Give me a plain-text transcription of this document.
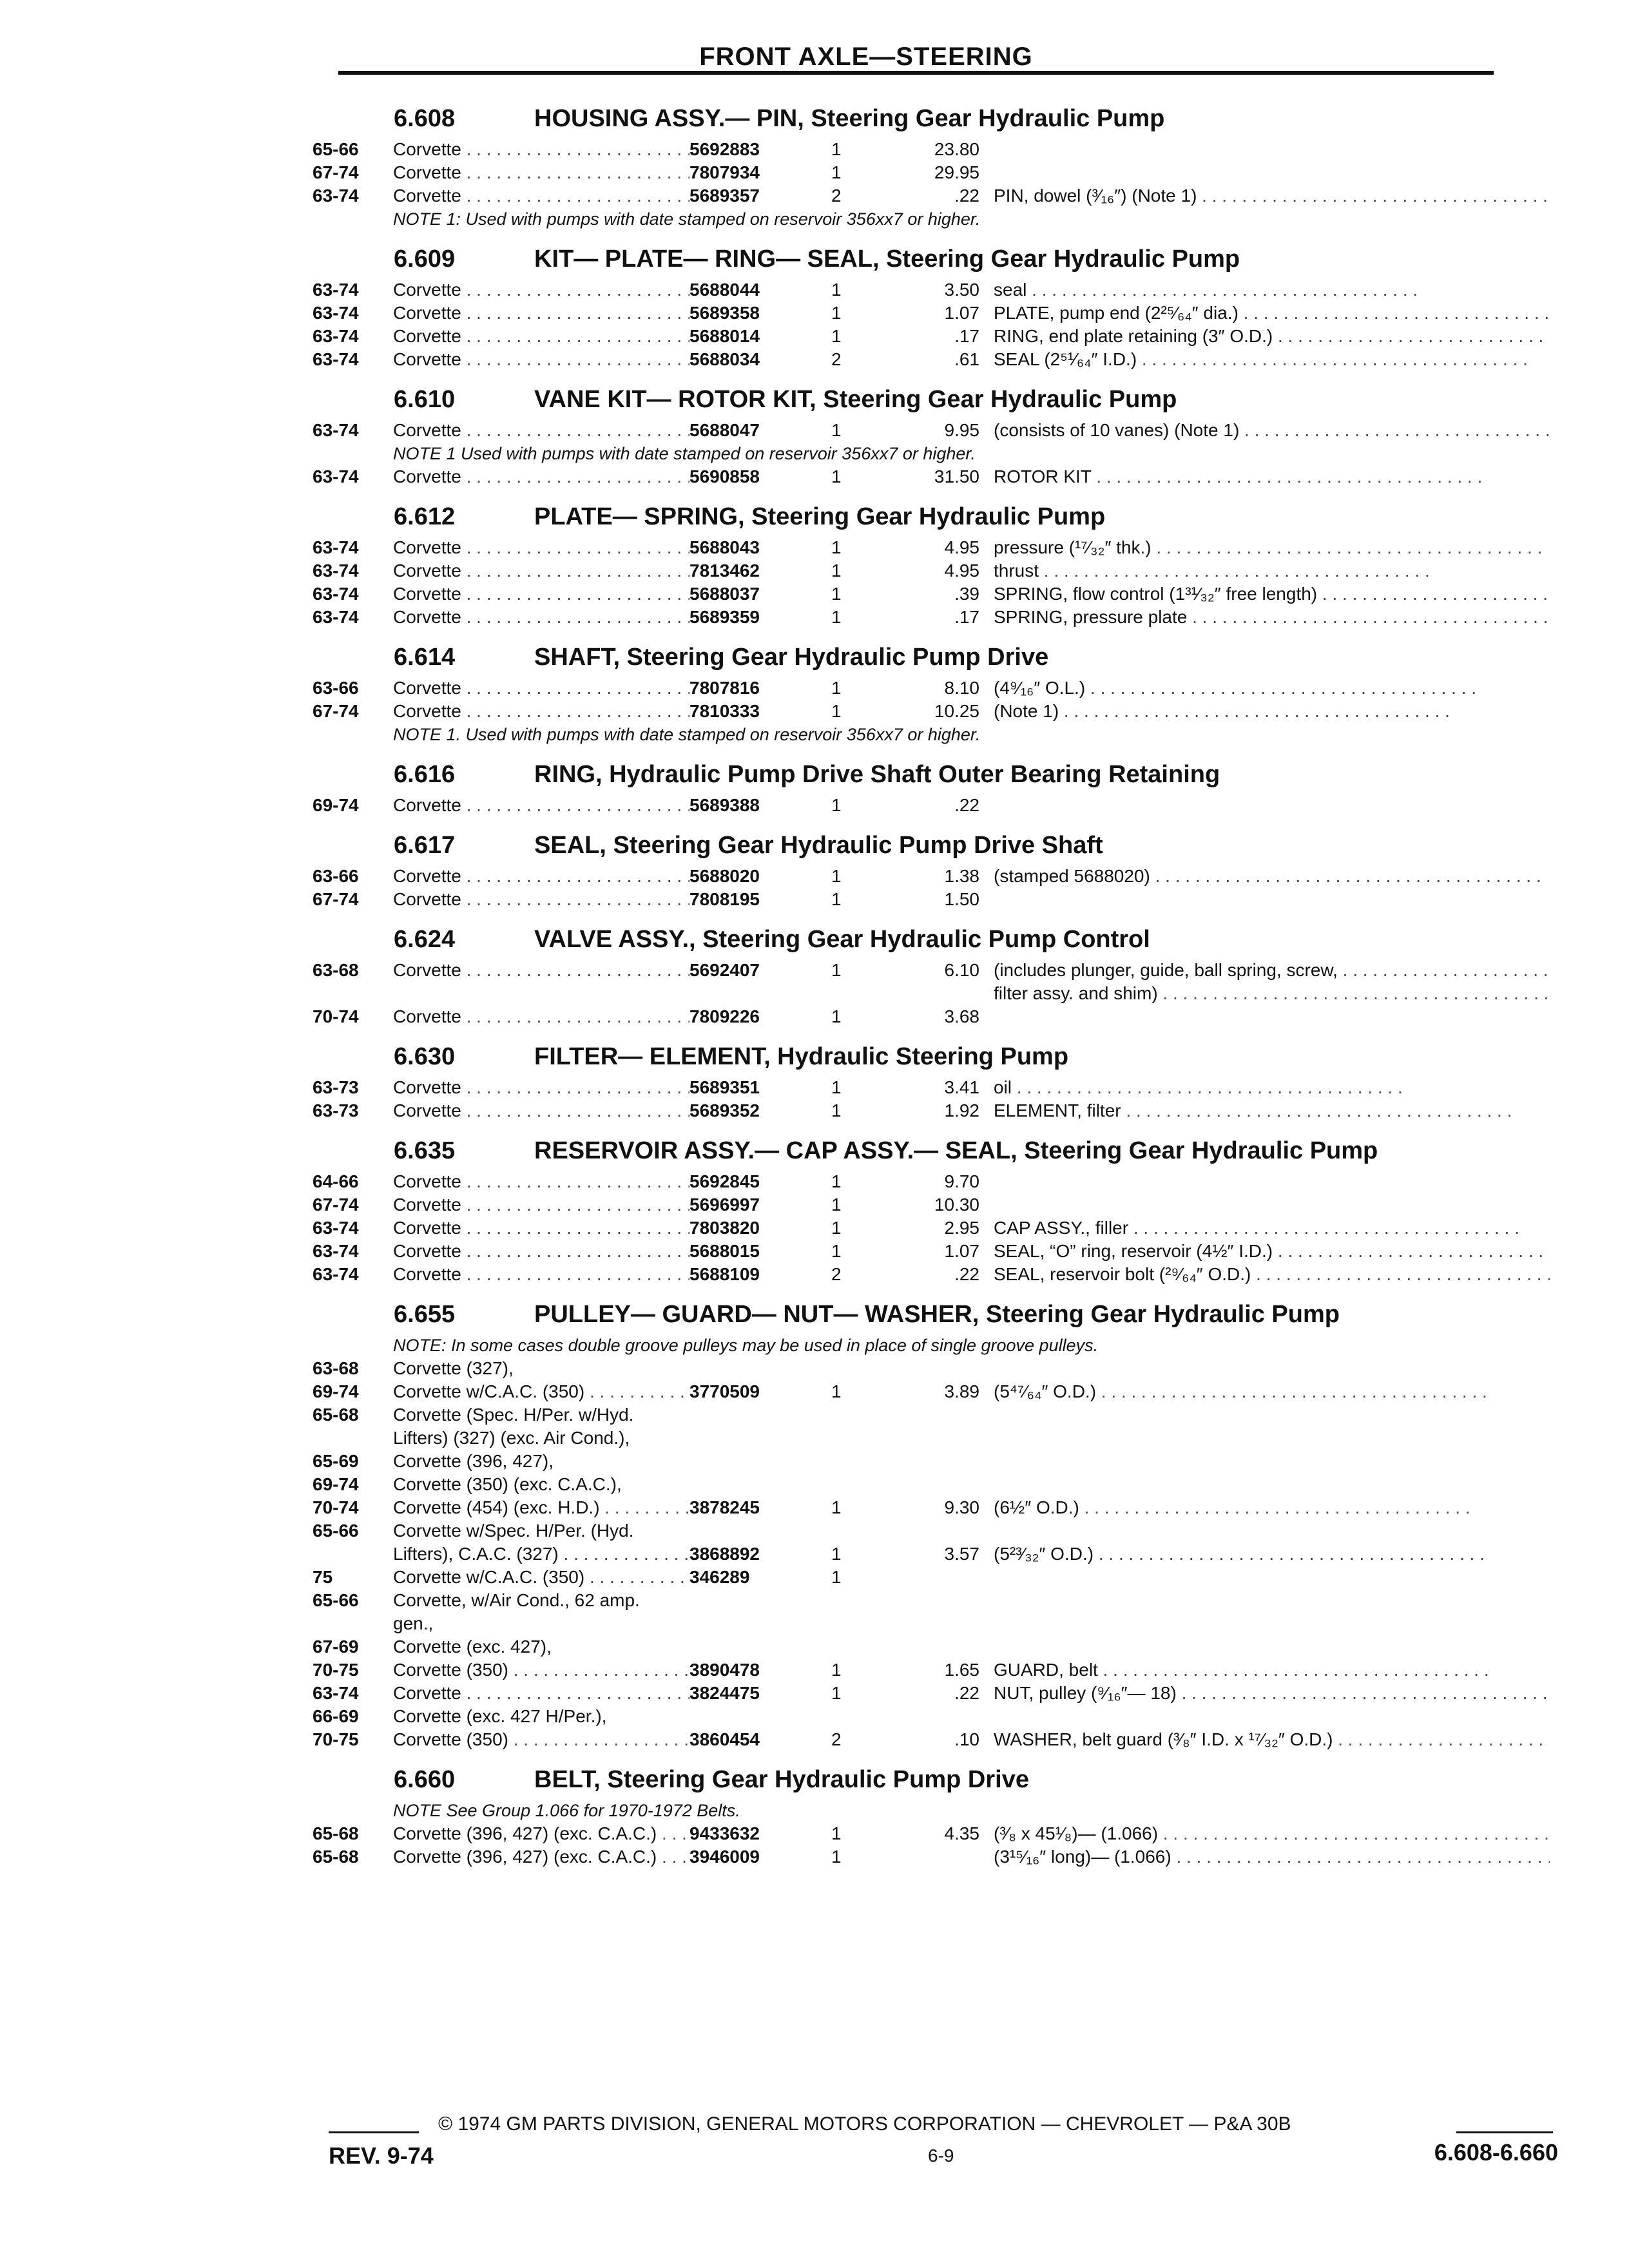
FRONT AXLE—STEERING
6.608	HOUSING ASSY.— PIN, Steering Gear Hydraulic Pump
65-66	Corvette . . .	5692883	1	23.80
67-74	Corvette . . .	7807934	1	29.95
63-74	Corvette . . .	5689357	2	.22 PIN, dowel (³⁄₁₆″) (Note 1) . . .
NOTE 1: Used with pumps with date stamped on reservoir 356xx7 or higher.
6.609	KIT— PLATE— RING— SEAL, Steering Gear Hydraulic Pump
63-74	Corvette . . .	5688044	1	3.50 seal . . .
63-74	Corvette . . .	5689358	1	1.07 PLATE, pump end (2²⁵⁄₆₄″ dia.) . . .
63-74	Corvette . . .	5688014	1	.17 RING, end plate retaining (3″ O.D.) . . .
63-74	Corvette . . .	5688034	2	.61 SEAL (2⁵¹⁄₆₄″ I.D.) . . .
6.610	VANE KIT— ROTOR KIT, Steering Gear Hydraulic Pump
63-74	Corvette . . .	5688047	1	9.95 (consists of 10 vanes) (Note 1) . . .
NOTE 1 Used with pumps with date stamped on reservoir 356xx7 or higher.
63-74	Corvette . . .	5690858	1	31.50 ROTOR KIT . . .
6.612	PLATE— SPRING, Steering Gear Hydraulic Pump
63-74	Corvette . . .	5688043	1	4.95 pressure (¹⁷⁄₃₂″ thk.) . . .
63-74	Corvette . . .	7813462	1	4.95 thrust . . .
63-74	Corvette . . .	5688037	1	.39 SPRING, flow control (1³¹⁄₃₂″ free length) . . .
63-74	Corvette . . .	5689359	1	.17 SPRING, pressure plate . . .
6.614	SHAFT, Steering Gear Hydraulic Pump Drive
63-66	Corvette . . .	7807816	1	8.10 (4⁹⁄₁₆″ O.L.) . . .
67-74	Corvette . . .	7810333	1	10.25 (Note 1) . . .
NOTE 1. Used with pumps with date stamped on reservoir 356xx7 or higher.
6.616	RING, Hydraulic Pump Drive Shaft Outer Bearing Retaining
69-74	Corvette . . .	5689388	1	.22
6.617	SEAL, Steering Gear Hydraulic Pump Drive Shaft
63-66	Corvette . . .	5688020	1	1.38 (stamped 5688020) . . .
67-74	Corvette . . .	7808195	1	1.50
6.624	VALVE ASSY., Steering Gear Hydraulic Pump Control
63-68	Corvette . . .	5692407	1	6.10 (includes plunger, guide, ball spring, screw, . . .
filter assy. and shim) . . .
70-74	Corvette . . .	7809226	1	3.68
6.630	FILTER— ELEMENT, Hydraulic Steering Pump
63-73	Corvette . . .	5689351	1	3.41 oil . . .
63-73	Corvette . . .	5689352	1	1.92 ELEMENT, filter . . .
6.635	RESERVOIR ASSY.— CAP ASSY.— SEAL, Steering Gear Hydraulic Pump
64-66	Corvette . . .	5692845	1	9.70
67-74	Corvette . . .	5696997	1	10.30
63-74	Corvette . . .	7803820	1	2.95 CAP ASSY., filler . . .
63-74	Corvette . . .	5688015	1	1.07 SEAL, “O” ring, reservoir (4½″ I.D.) . . .
63-74	Corvette . . .	5688109	2	.22 SEAL, reservoir bolt (²⁹⁄₆₄″ O.D.) . . .
6.655	PULLEY— GUARD— NUT— WASHER, Steering Gear Hydraulic Pump
NOTE: In some cases double groove pulleys may be used in place of single groove pulleys.
63-68	Corvette (327),
69-74	Corvette w/C.A.C. (350) . . .	3770509	1	3.89 (5⁴⁷⁄₆₄″ O.D.) . . .
65-68	Corvette (Spec. H/Per. w/Hyd.
Lifters) (327) (exc. Air Cond.),
65-69	Corvette (396, 427),
69-74	Corvette (350) (exc. C.A.C.),
70-74	Corvette (454) (exc. H.D.) . . .	3878245	1	9.30 (6½″ O.D.) . . .
65-66	Corvette w/Spec. H/Per. (Hyd.
Lifters), C.A.C. (327) . . .	3868892	1	3.57 (5²³⁄₃₂″ O.D.) . . .
75	Corvette w/C.A.C. (350) . . .	346289	1
65-66	Corvette, w/Air Cond., 62 amp.
gen.,
67-69	Corvette (exc. 427),
70-75	Corvette (350) . . .	3890478	1	1.65 GUARD, belt . . .
63-74	Corvette . . .	3824475	1	.22 NUT, pulley (⁹⁄₁₆″— 18) . . .
66-69	Corvette (exc. 427 H/Per.),
70-75	Corvette (350) . . .	3860454	2	.10 WASHER, belt guard (³⁄₈″ I.D. x ¹⁷⁄₃₂″ O.D.) . . .
6.660	BELT, Steering Gear Hydraulic Pump Drive
NOTE See Group 1.066 for 1970-1972 Belts.
65-68	Corvette (396, 427) (exc. C.A.C.) . . .	9433632	1	4.35 (³⁄₈ x 45¹⁄₈)— (1.066) . . .
65-68	Corvette (396, 427) (exc. C.A.C.) . . .	3946009	1	(3¹⁵⁄₁₆″ long)— (1.066) . . .
© 1974 GM PARTS DIVISION, GENERAL MOTORS CORPORATION — CHEVROLET — P&A 30B
REV. 9-74	6-9	6.608-6.660
